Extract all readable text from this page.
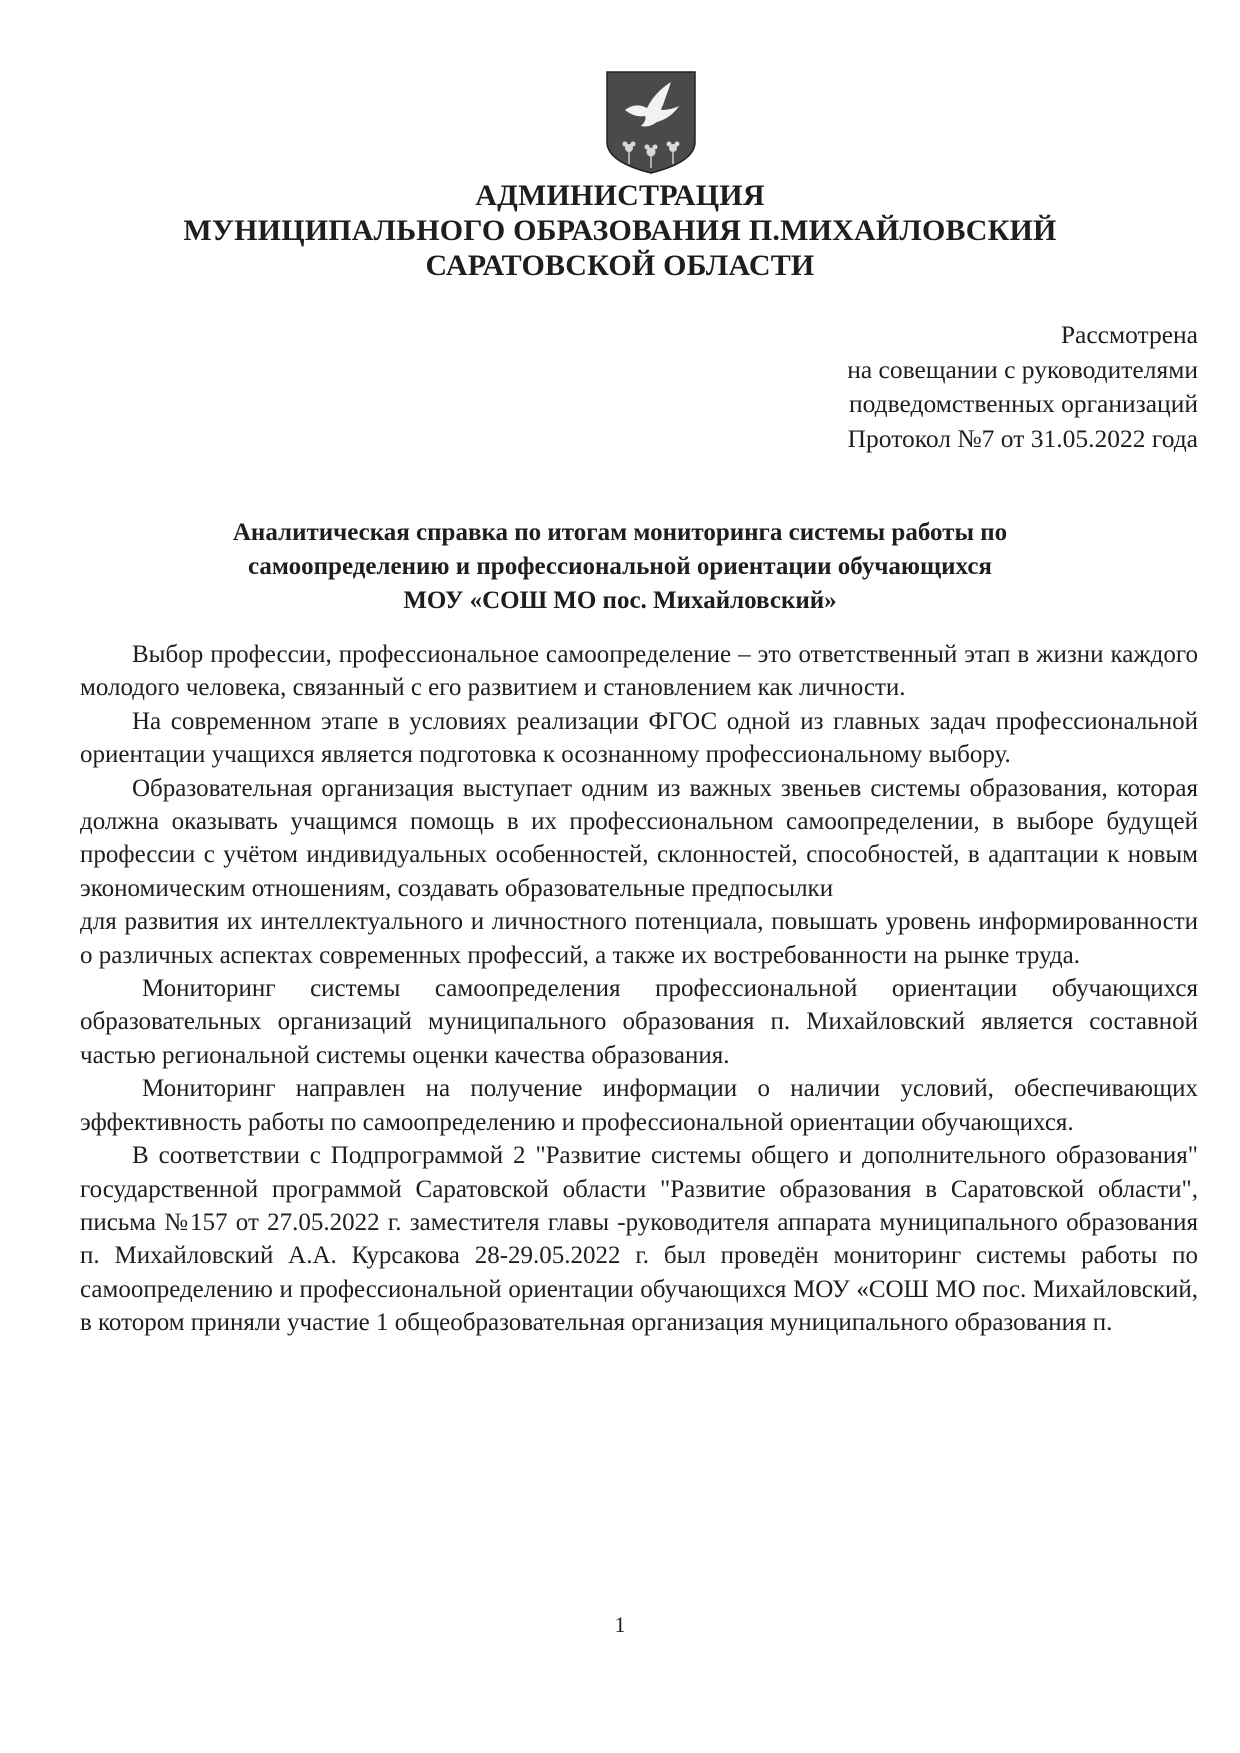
АДМИНИСТРАЦИЯ
МУНИЦИПАЛЬНОГО ОБРАЗОВАНИЯ П.МИХАЙЛОВСКИЙ
САРАТОВСКОЙ ОБЛАСТИ
Рассмотрена
на совещании с руководителями
подведомственных организаций
Протокол №7 от 31.05.2022 года
Аналитическая справка по итогам мониторинга системы работы по
самоопределению и профессиональной ориентации обучающихся
МОУ «СОШ МО пос. Михайловский»

Выбор профессии, профессиональное самоопределение – это ответственный этап в жизни каждого молодого человека, связанный с его развитием и становлением как личности.

На современном этапе в условиях реализации ФГОС одной из главных задач профессиональной ориентации учащихся является подготовка к осознанному профессиональному выбору.

Образовательная организация выступает одним из важных звеньев системы образования, которая должна оказывать учащимся помощь в их профессиональном самоопределении, в выборе будущей профессии с учётом индивидуальных особенностей, склонностей, способностей, в адаптации к новым экономическим отношениям, создавать образовательные предпосылки

для развития их интеллектуального и личностного потенциала, повышать уровень информированности о различных аспектах современных профессий, а также их востребованности на рынке труда.

Мониторинг системы самоопределения профессиональной ориентации обучающихся образовательных организаций муниципального образования п. Михайловский является составной частью региональной системы оценки качества образования.

Мониторинг направлен на получение информации о наличии условий, обеспечивающих эффективность работы по самоопределению и профессиональной ориентации обучающихся.

В соответствии с Подпрограммой 2 "Развитие системы общего и дополнительного образования" государственной программой Саратовской области "Развитие образования в Саратовской области", письма №157 от 27.05.2022 г. заместителя главы -руководителя аппарата муниципального образования п. Михайловский А.А. Курсакова 28-29.05.2022 г. был проведён мониторинг системы работы по самоопределению и профессиональной ориентации обучающихся МОУ «СОШ МО пос. Михайловский, в котором приняли участие 1 общеобразовательная организация муниципального образования п.

1
